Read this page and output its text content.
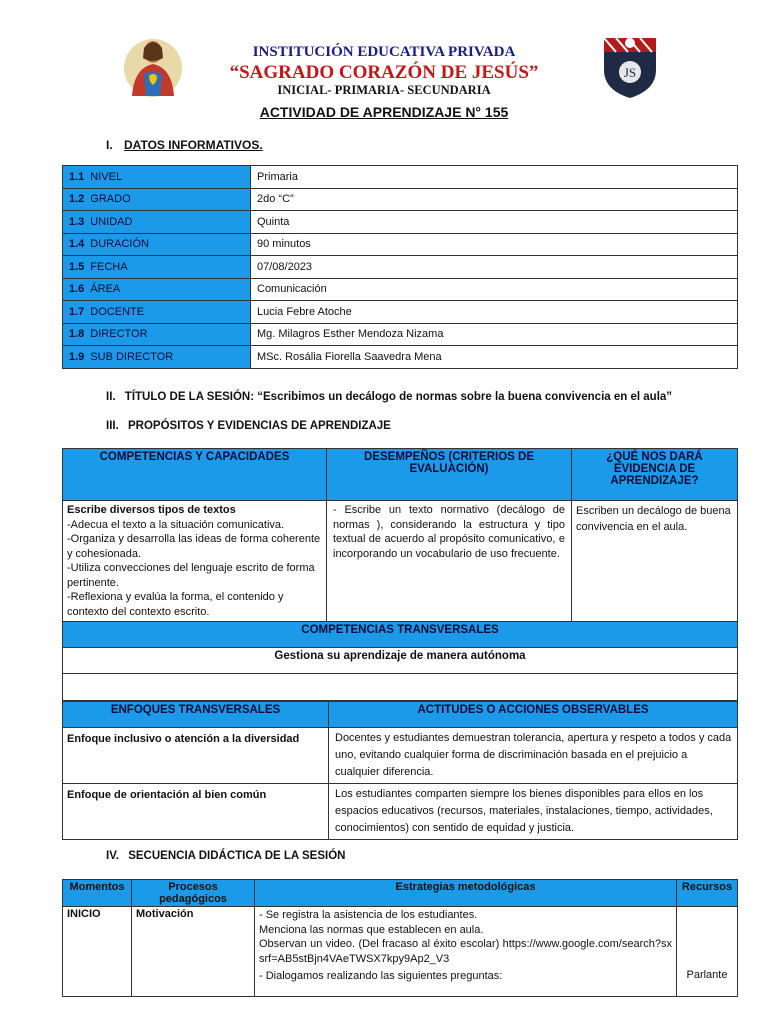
JS
INSTITUCIÓN EDUCATIVA PRIVADA
“SAGRADO CORAZÓN DE JESÚS”
INICIAL- PRIMARIA- SECUNDARIA
ACTIVIDAD DE APRENDIZAJE N° 155
I. DATOS INFORMATIVOS.
1.1 NIVEL	Primaria
1.2 GRADO	2do “C”
1.3 UNIDAD	Quinta
1.4 DURACIÓN	90 minutos
1.5 FECHA	07/08/2023
1.6 ÁREA	Comunicación
1.7 DOCENTE	Lucia Febre Atoche
1.8 DIRECTOR	Mg. Milagros Esther Mendoza Nizama
1.9 SUB DIRECTOR	MSc. Rosália Fiorella Saavedra Mena
II. TÍTULO DE LA SESIÓN: “Escribimos un decálogo de normas sobre la buena convivencia en el aula”
III. PROPÓSITOS Y EVIDENCIAS DE APRENDIZAJE
COMPETENCIAS Y CAPACIDADES	DESEMPEÑOS (CRITERIOS DE EVALUACIÓN)	¿QUÉ NOS DARÁ EVIDENCIA DE APRENDIZAJE?

Escribe diversos tipos de textos
-Adecua el texto a la situación comunicativa.
-Organiza y desarrolla las ideas de forma coherente y cohesionada.
-Utiliza convecciones del lenguaje escrito de forma pertinente.
-Reflexiona y evalúa la forma, el contenido y contexto del contexto escrito.	- Escribe un texto normativo (decálogo de normas ), considerando la estructura y tipo textual de acuerdo al propósito comunicativo, e incorporando un vocabulario de uso frecuente.	Escriben un decálogo de buena convivencia en el aula.
COMPETENCIAS TRANSVERSALES		
Gestiona su aprendizaje de manera autónoma		

ENFOQUES TRANSVERSALES	ACTITUDES O ACCIONES OBSERVABLES
Enfoque inclusivo o atención a la diversidad	Docentes y estudiantes demuestran tolerancia, apertura y respeto a todos y cada uno, evitando cualquier forma de discriminación basada en el prejuicio a cualquier diferencia.
Enfoque de orientación al bien común	Los estudiantes comparten siempre los bienes disponibles para ellos en los espacios educativos (recursos, materiales, instalaciones, tiempo, actividades, conocimientos) con sentido de equidad y justicia.
IV. SECUENCIA DIDÁCTICA DE LA SESIÓN
Momentos	Procesos pedagógicos	Estrategias metodológicas	Recursos
INICIO	Motivación	- Se registra la asistencia de los estudiantes.
Menciona las normas que establecen en aula.
Observan un video. (Del fracaso al éxito escolar) https://www.google.com/search?sxsrf=AB5stBjn4VAeTWSX7kpy9Ap2_V3
- Dialogamos realizando las siguientes preguntas:	Parlante
